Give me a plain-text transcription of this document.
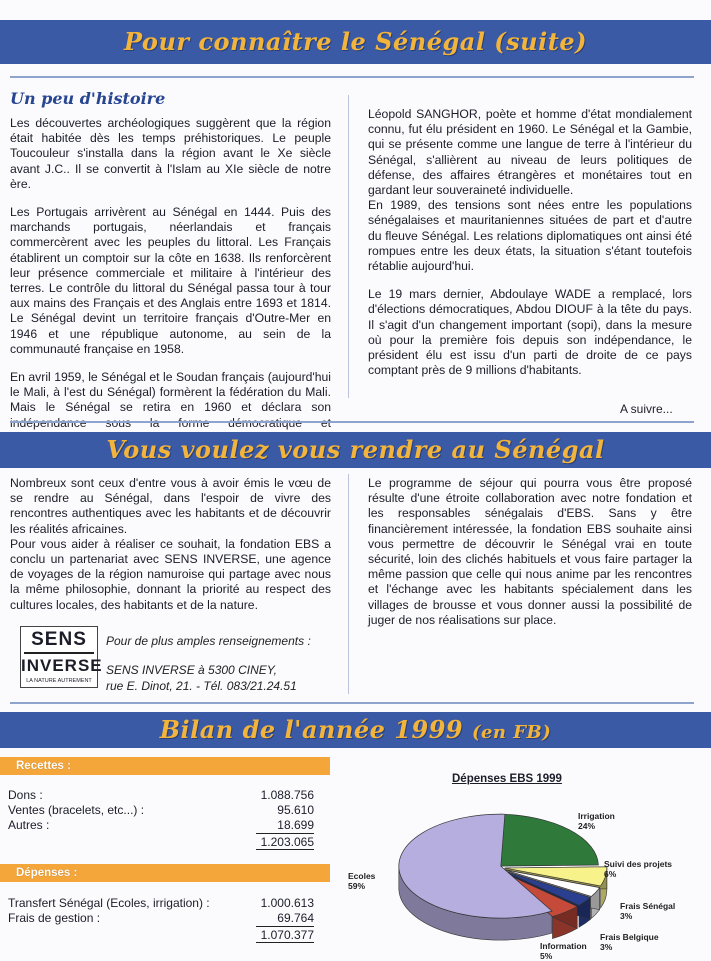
Pour connaître le Sénégal (suite)
Un peu d'histoire

Les découvertes archéologiques suggèrent que la région était habitée dès les temps préhistoriques. Le peuple Toucouleur s'installa dans la région avant le Xe siècle avant J.C.. Il se convertit à l'Islam au XIe siècle de notre ère.

Les Portugais arrivèrent au Sénégal en 1444. Puis des marchands portugais, néerlandais et français commercèrent avec les peuples du littoral. Les Français établirent un comptoir sur la côte en 1638. Ils renforcèrent leur présence commerciale et militaire à l'intérieur des terres. Le contrôle du littoral du Sénégal passa tour à tour aux mains des Français et des Anglais entre 1693 et 1814. Le Sénégal devint un territoire français d'Outre-Mer en 1946 et une république autonome, au sein de la communauté française en 1958.

En avril 1959, le Sénégal et le Soudan français (aujourd'hui le Mali, à l'est du Sénégal) formèrent la fédération du Mali. Mais le Sénégal se retira en 1960 et déclara son

Léopold SANGHOR, poète et homme d'état mondialement connu, fut élu président en 1960. Le Sénégal et la Gambie, qui se présente comme une langue de terre à l'intérieur du Sénégal, s'allièrent au niveau de leurs politiques de défense, des affaires étrangères et monétaires tout en gardant leur souveraineté individuelle.

En 1989, des tensions sont nées entre les populations sénégalaises et mauritaniennes situées de part et d'autre du fleuve Sénégal. Les relations diplomatiques ont ainsi été rompues entre les deux états, la situation s'étant toutefois rétablie aujourd'hui.

Le 19 mars dernier, Abdoulaye WADE a remplacé, lors d'élections démocratiques, Abdou DIOUF à la tête du pays. Il s'agit d'un changement important (sopi), dans la mesure où pour la première fois depuis son indépendance, le président élu est issu d'un parti de droite de ce pays comptant près de 9 millions d'habitants.

A suivre...
Vous voulez vous rendre au Sénégal

Nombreux sont ceux d'entre vous à avoir émis le vœu de se rendre au Sénégal, dans l'espoir de vivre des rencontres authentiques avec les habitants et de découvrir les réalités africaines.

Pour vous aider à réaliser ce souhait, la fondation EBS a conclu un partenariat avec SENS INVERSE, une agence de voyages de la région namuroise qui partage avec nous la même philosophie, donnant la priorité au respect des cultures locales, des habitants et de la nature.

Le programme de séjour qui pourra vous être proposé résulte d'une étroite collaboration avec notre fondation et les responsables sénégalais d'EBS. Sans y être financièrement intéressée, la fondation EBS souhaite ainsi vous permettre de découvrir le Sénégal vrai en toute sécurité, loin des clichés habituels et vous faire partager la même passion que celle qui nous anime par les rencontres et l'échange avec les habitants spécialement dans les villages de brousse et vous donner aussi la possibilité de juger de nos réalisations sur place.

SENS
INVERSE
LA NATURE AUTREMENT
Pour de plus amples renseignements :
SENS INVERSE à 5300 CINEY,
rue E. Dinot, 21. - Tél. 083/21.24.51
Bilan de l'année 1999 (en FB)
Recettes :
Dons :	1.088.756
Ventes (bracelets, etc...) :	95.610
Autres :	18.699
1.203.065
Dépenses :
Transfert Sénégal (Ecoles, irrigation) :	1.000.613
Frais de gestion :	69.764
1.070.377
Dépenses EBS 1999
Irrigation
24%
Suivi des projets
6%
Frais Sénégal
3%
Frais Belgique
3%
Information
5%
Ecoles
59%
